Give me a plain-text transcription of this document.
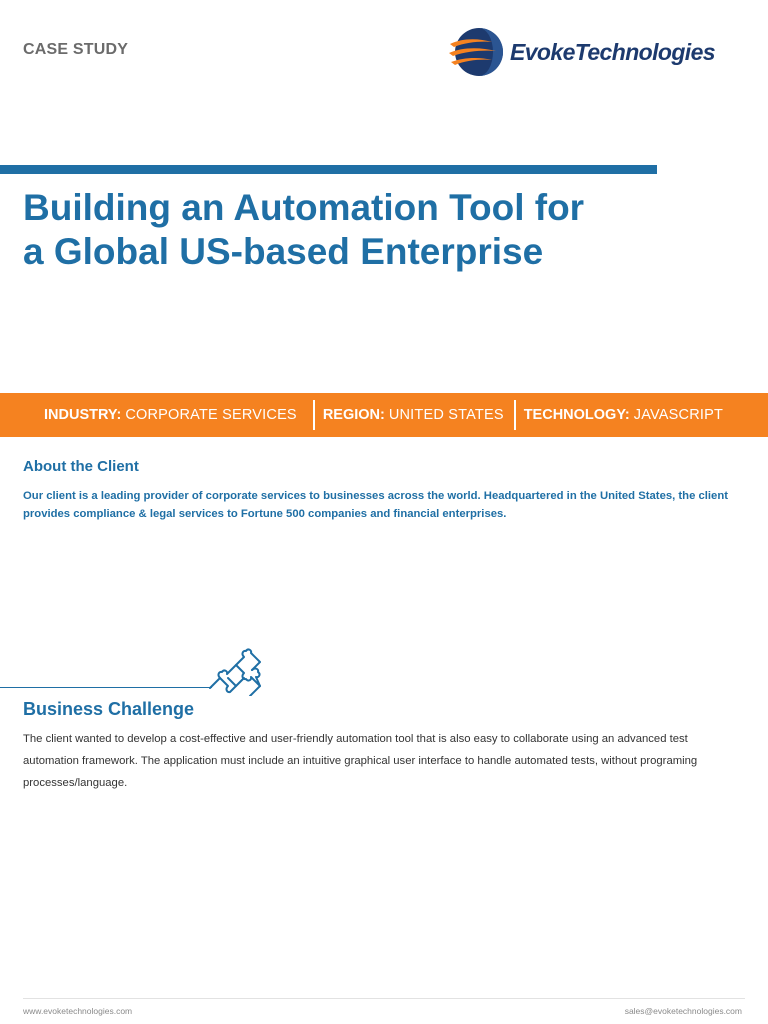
CASE STUDY	EvokeTechnologies
Building an Automation Tool for
a Global US-based Enterprise
INDUSTRY: CORPORATE SERVICES REGION: UNITED STATES TECHNOLOGY: JAVASCRIPT
About the Client

Our client is a leading provider of corporate services to businesses across the world. Headquartered in the United States, the client provides compliance & legal services to Fortune 500 companies and financial enterprises.

Business Challenge

The client wanted to develop a cost-effective and user-friendly automation tool that is also easy to collaborate using an advanced test automation framework. The application must include an intuitive graphical user interface to handle automated tests, without programing processes/language.

www.evoketechnologies.com	sales@evoketechnologies.com
